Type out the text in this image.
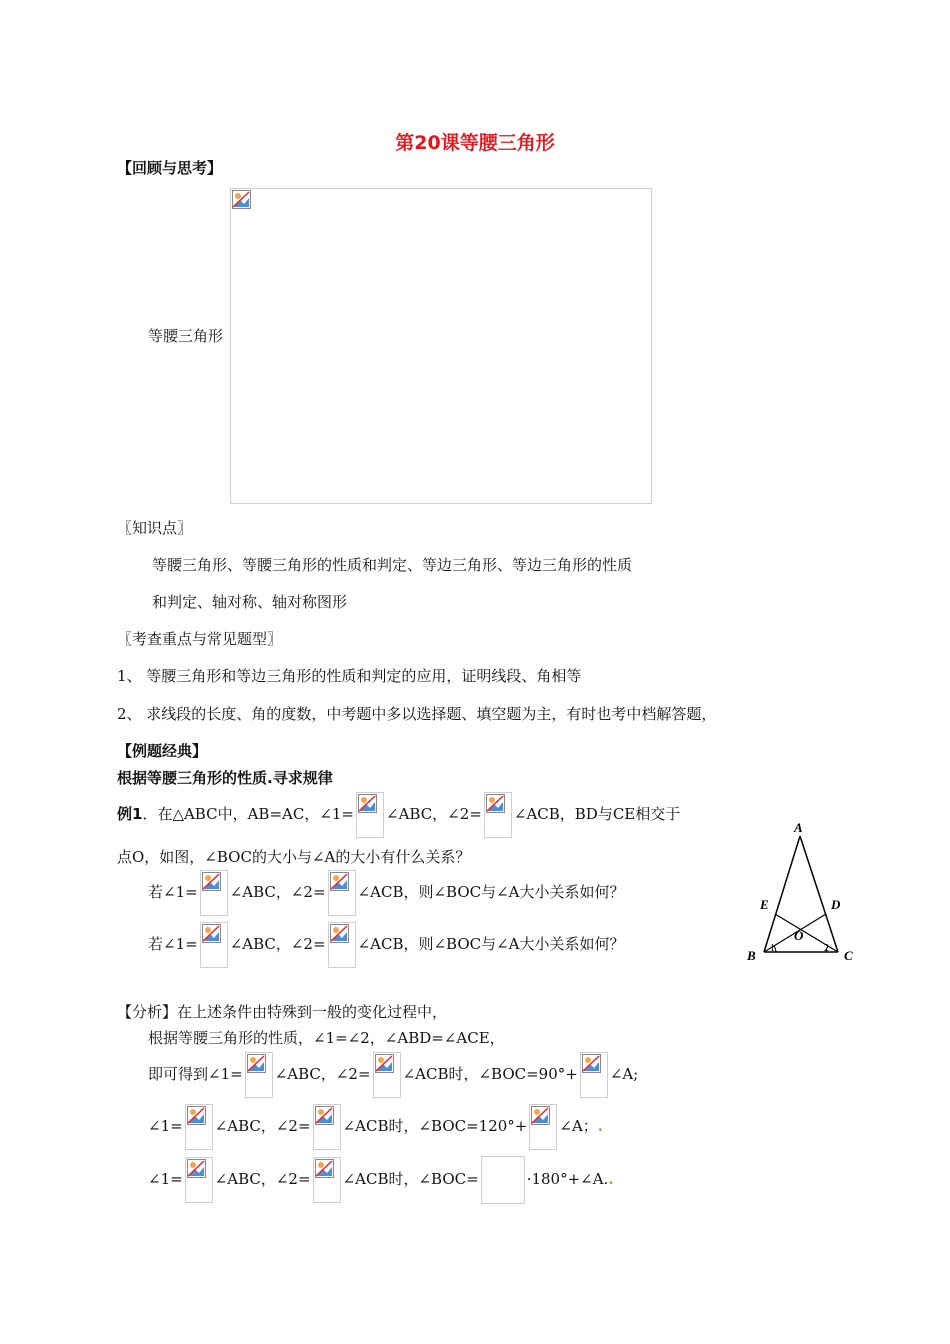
第20课等腰三角形
【回顾与思考】
等腰三角形
〖知识点〗
等腰三角形、等腰三角形的性质和判定、等边三角形、等边三角形的性质
和判定、轴对称、轴对称图形
〖考查重点与常见题型〗
1、 等腰三角形和等边三角形的性质和判定的应用，证明线段、角相等
2、 求线段的长度、角的度数，中考题中多以选择题、填空题为主，有时也考中档解答题，
【例题经典】
根据等腰三角形的性质.寻求规律
例1．在△ABC中，AB=AC，∠1= ∠ABC，∠2= ∠ACB，BD与CE相交于
点O，如图，∠BOC的大小与∠A的大小有什么关系？
若∠1= ∠ABC，∠2= ∠ACB，则∠BOC与∠A大小关系如何？
若∠1= ∠ABC，∠2= ∠ACB，则∠BOC与∠A大小关系如何？
A
B	C
D
E
O
1	2
【分析】在上述条件由特殊到一般的变化过程中，
根据等腰三角形的性质，∠1=∠2，∠ABD=∠ACE，
即可得到∠1= ∠ABC，∠2= ∠ACB时，∠BOC=90°+ ∠A;
∠1= ∠ABC，∠2= ∠ACB时，∠BOC=120°+ ∠A；.
∠1= ∠ABC，∠2= ∠ACB时，∠BOC=	·180°+∠A..
